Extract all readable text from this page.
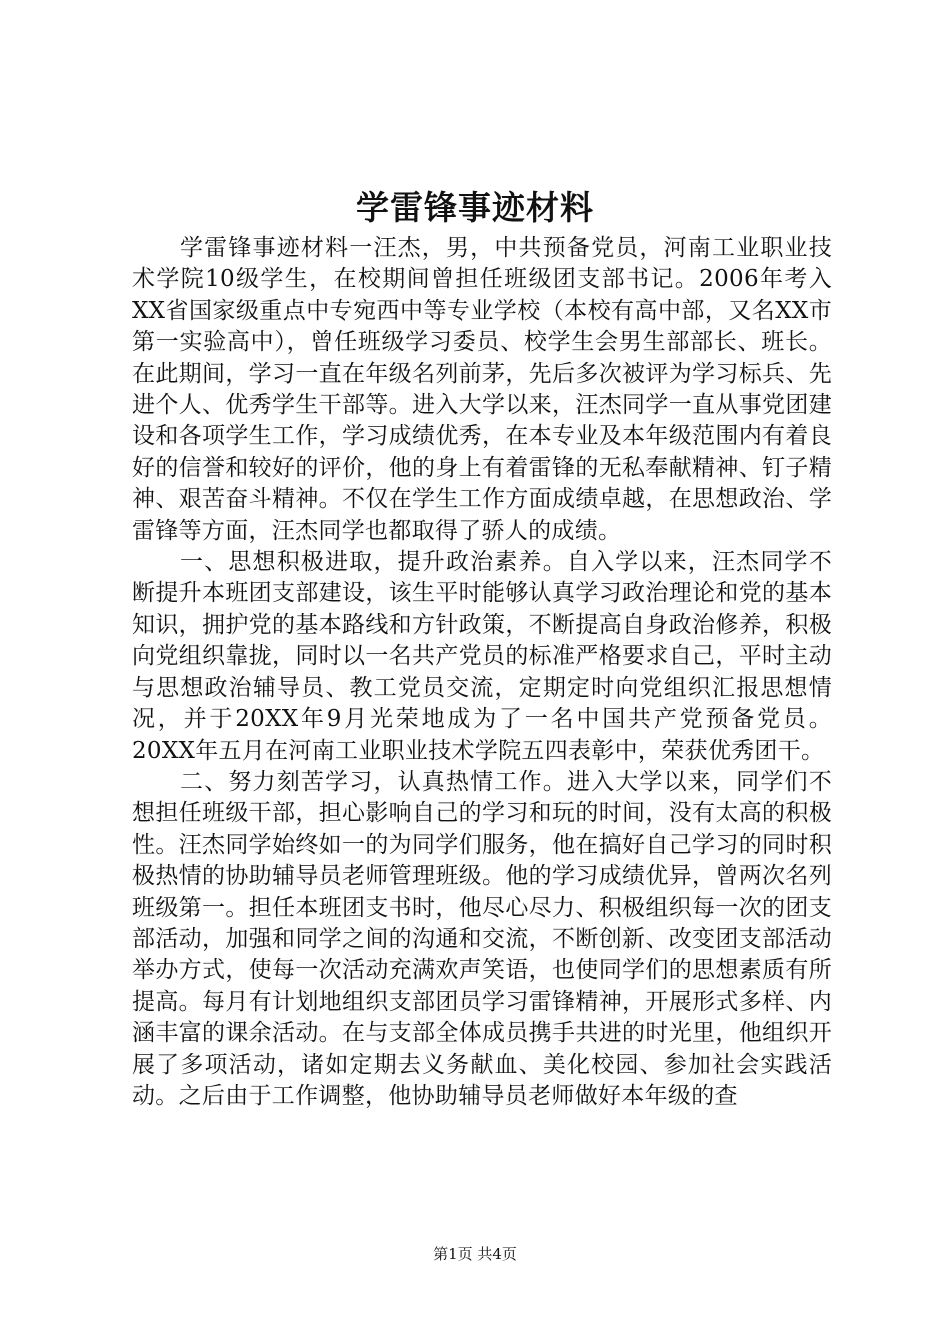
学雷锋事迹材料

学雷锋事迹材料一汪杰，男，中共预备党员，河南工业职业技术学院10级学生，在校期间曾担任班级团支部书记。2006年考入XX省国家级重点中专宛西中等专业学校（本校有高中部，又名XX市第一实验高中），曾任班级学习委员、校学生会男生部部长、班长。在此期间，学习一直在年级名列前茅，先后多次被评为学习标兵、先进个人、优秀学生干部等。进入大学以来，汪杰同学一直从事党团建设和各项学生工作，学习成绩优秀，在本专业及本年级范围内有着良好的信誉和较好的评价，他的身上有着雷锋的无私奉献精神、钉子精神、艰苦奋斗精神。不仅在学生工作方面成绩卓越，在思想政治、学雷锋等方面，汪杰同学也都取得了骄人的成绩。

一、思想积极进取，提升政治素养。自入学以来，汪杰同学不断提升本班团支部建设，该生平时能够认真学习政治理论和党的基本知识，拥护党的基本路线和方针政策，不断提高自身政治修养，积极向党组织靠拢，同时以一名共产党员的标准严格要求自己，平时主动与思想政治辅导员、教工党员交流，定期定时向党组织汇报思想情况，并于20XX年9月光荣地成为了一名中国共产党预备党员。20XX年五月在河南工业职业技术学院五四表彰中，荣获优秀团干。

二、努力刻苦学习，认真热情工作。进入大学以来，同学们不想担任班级干部，担心影响自己的学习和玩的时间，没有太高的积极性。汪杰同学始终如一的为同学们服务，他在搞好自己学习的同时积极热情的协助辅导员老师管理班级。他的学习成绩优异，曾两次名列班级第一。担任本班团支书时，他尽心尽力、积极组织每一次的团支部活动，加强和同学之间的沟通和交流，不断创新、改变团支部活动举办方式，使每一次活动充满欢声笑语，也使同学们的思想素质有所提高。每月有计划地组织支部团员学习雷锋精神，开展形式多样、内涵丰富的课余活动。在与支部全体成员携手共进的时光里，他组织开展了多项活动，诸如定期去义务献血、美化校园、参加社会实践活动。之后由于工作调整，他协助辅导员老师做好本年级的查

第1页 共4页
